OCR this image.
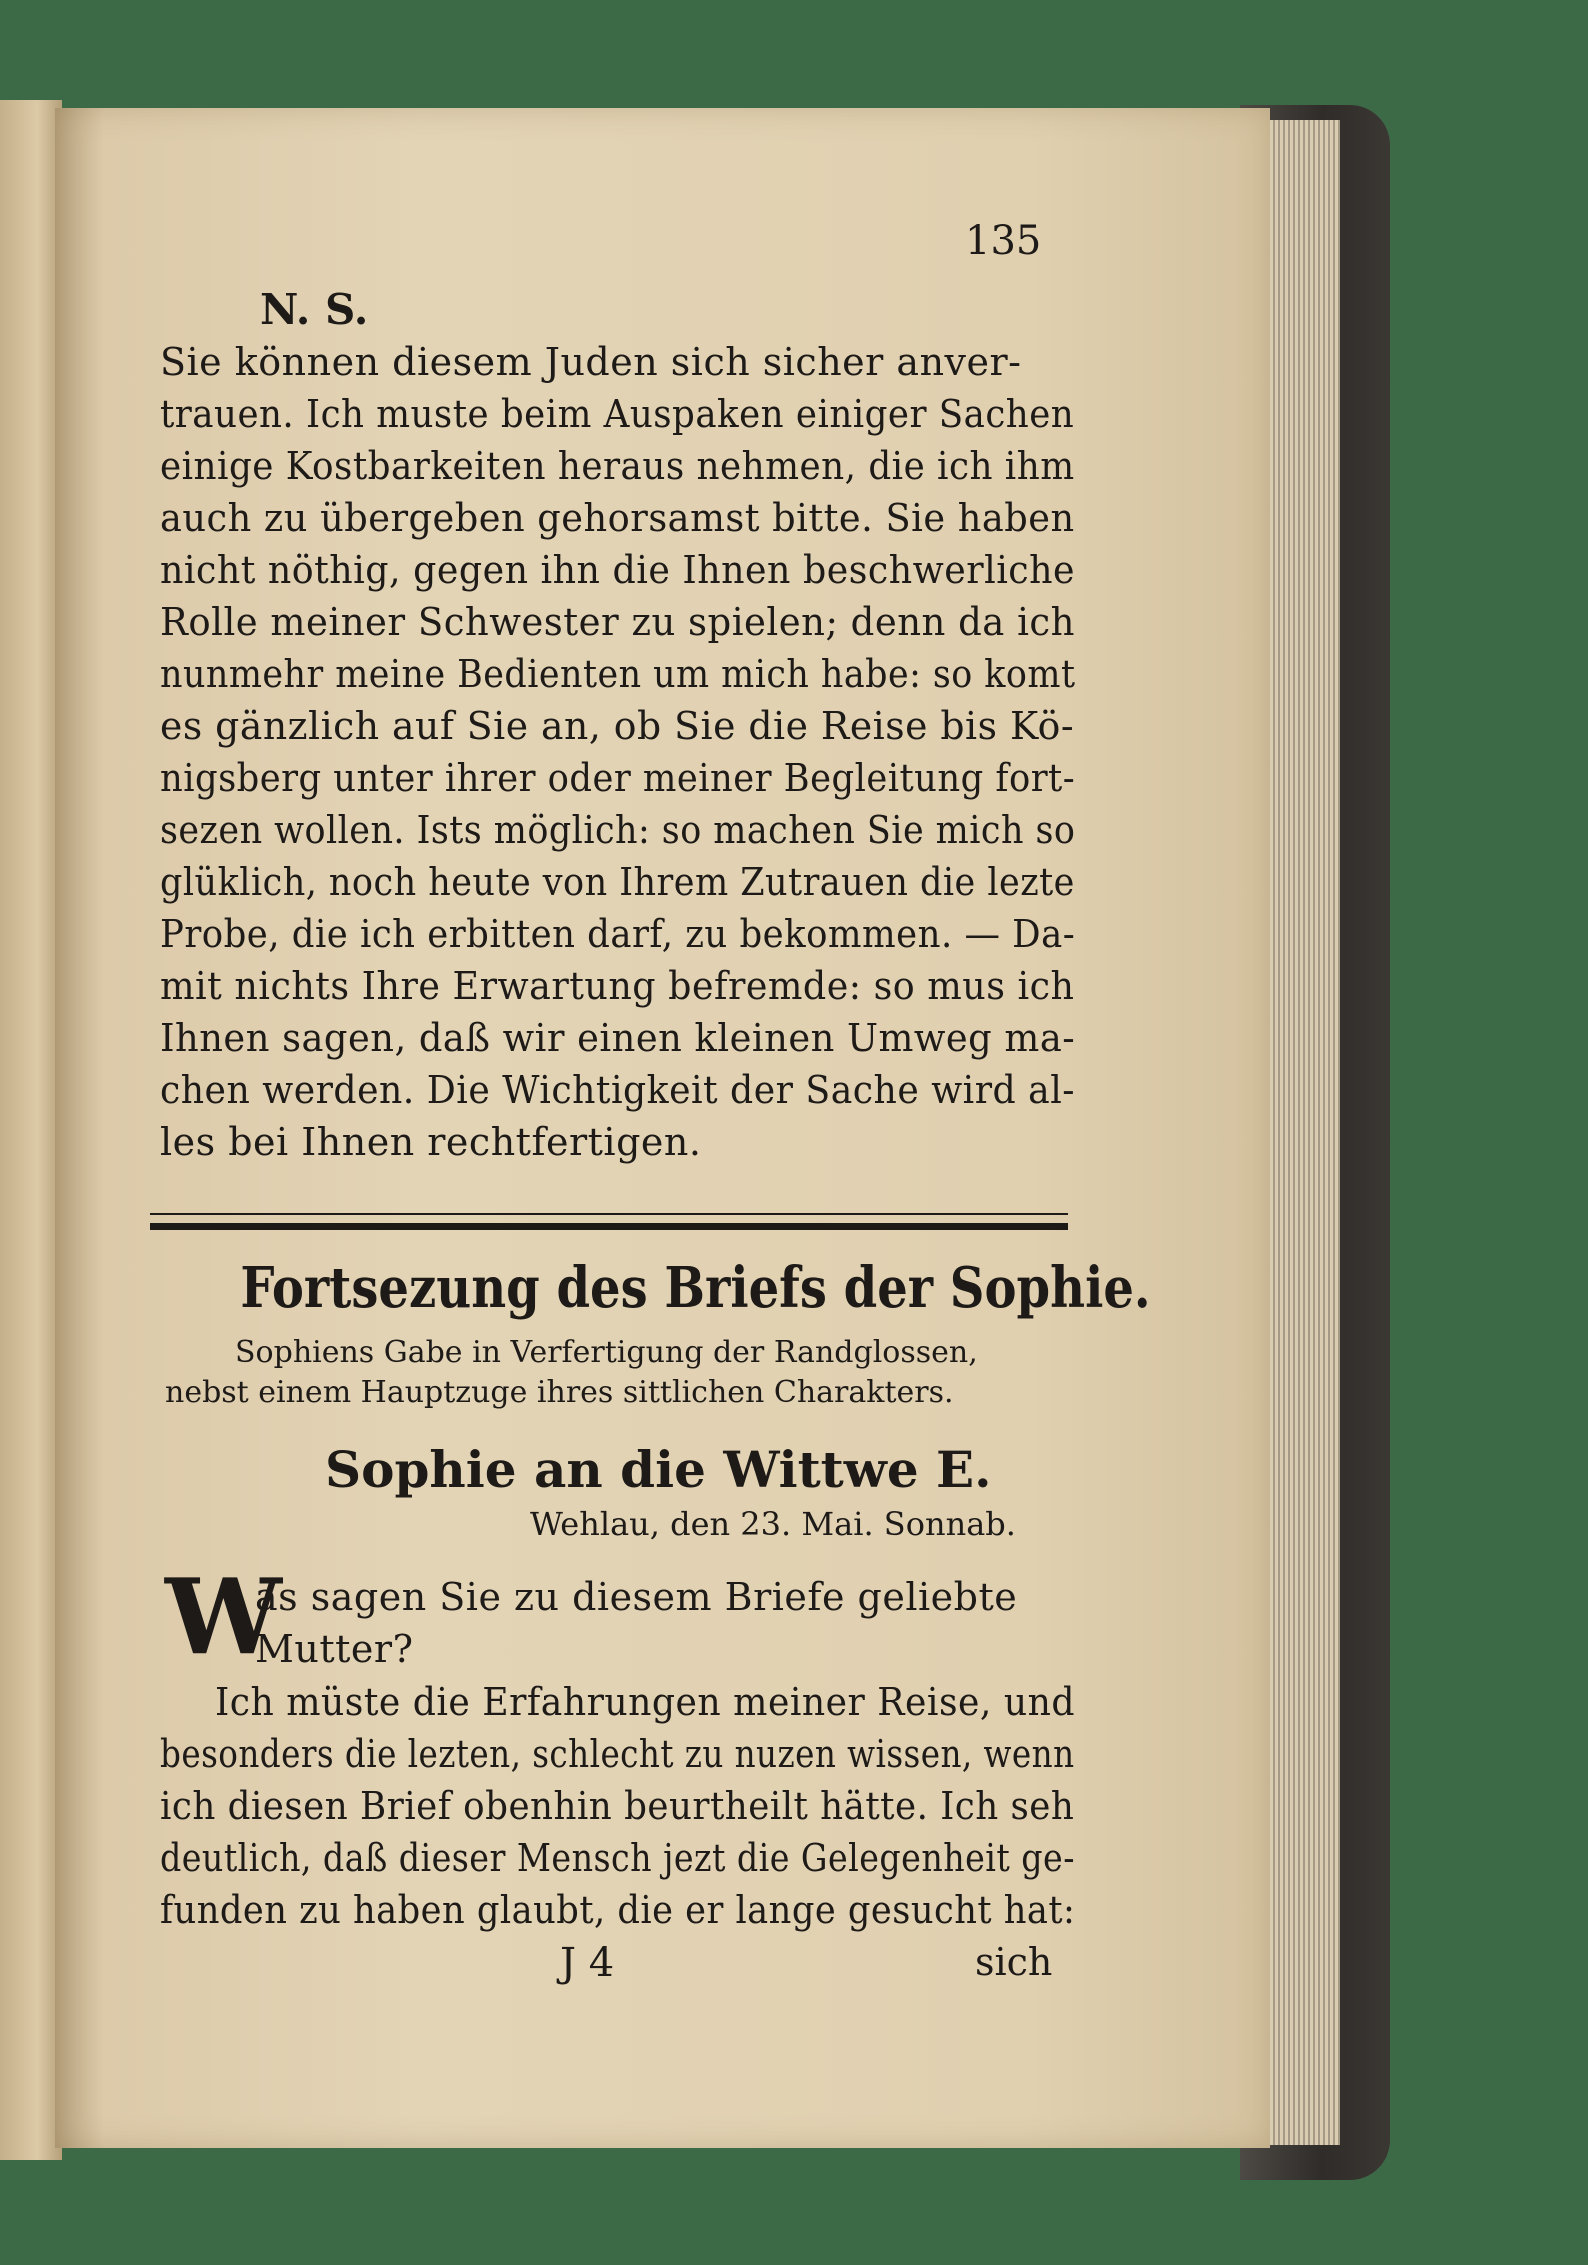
135
N. S.
Sie können diesem Juden sich sicher anver-
trauen. Ich muste beim Auspaken einiger Sachen
einige Kostbarkeiten heraus nehmen, die ich ihm
auch zu übergeben gehorsamst bitte. Sie haben
nicht nöthig, gegen ihn die Ihnen beschwerliche
Rolle meiner Schwester zu spielen; denn da ich
nunmehr meine Bedienten um mich habe: so komt
es gänzlich auf Sie an, ob Sie die Reise bis Kö-
nigsberg unter ihrer oder meiner Begleitung fort-
sezen wollen. Ists möglich: so machen Sie mich so
glüklich, noch heute von Ihrem Zutrauen die lezte
Probe, die ich erbitten darf, zu bekommen. — Da-
mit nichts Ihre Erwartung befremde: so mus ich
Ihnen sagen, daß wir einen kleinen Umweg ma-
chen werden. Die Wichtigkeit der Sache wird al-
les bei Ihnen rechtfertigen.
Fortsezung des Briefs der Sophie.
Sophiens Gabe in Verfertigung der Randglossen,
nebst einem Hauptzuge ihres sittlichen Charakters.
Sophie an die Wittwe E.
Wehlau, den 23. Mai. Sonnab.
W
as sagen Sie zu diesem Briefe geliebte
Mutter?
Ich müste die Erfahrungen meiner Reise, und
besonders die lezten, schlecht zu nuzen wissen, wenn
ich diesen Brief obenhin beurtheilt hätte. Ich seh
deutlich, daß dieser Mensch jezt die Gelegenheit ge-
funden zu haben glaubt, die er lange gesucht hat:
J 4	sich
